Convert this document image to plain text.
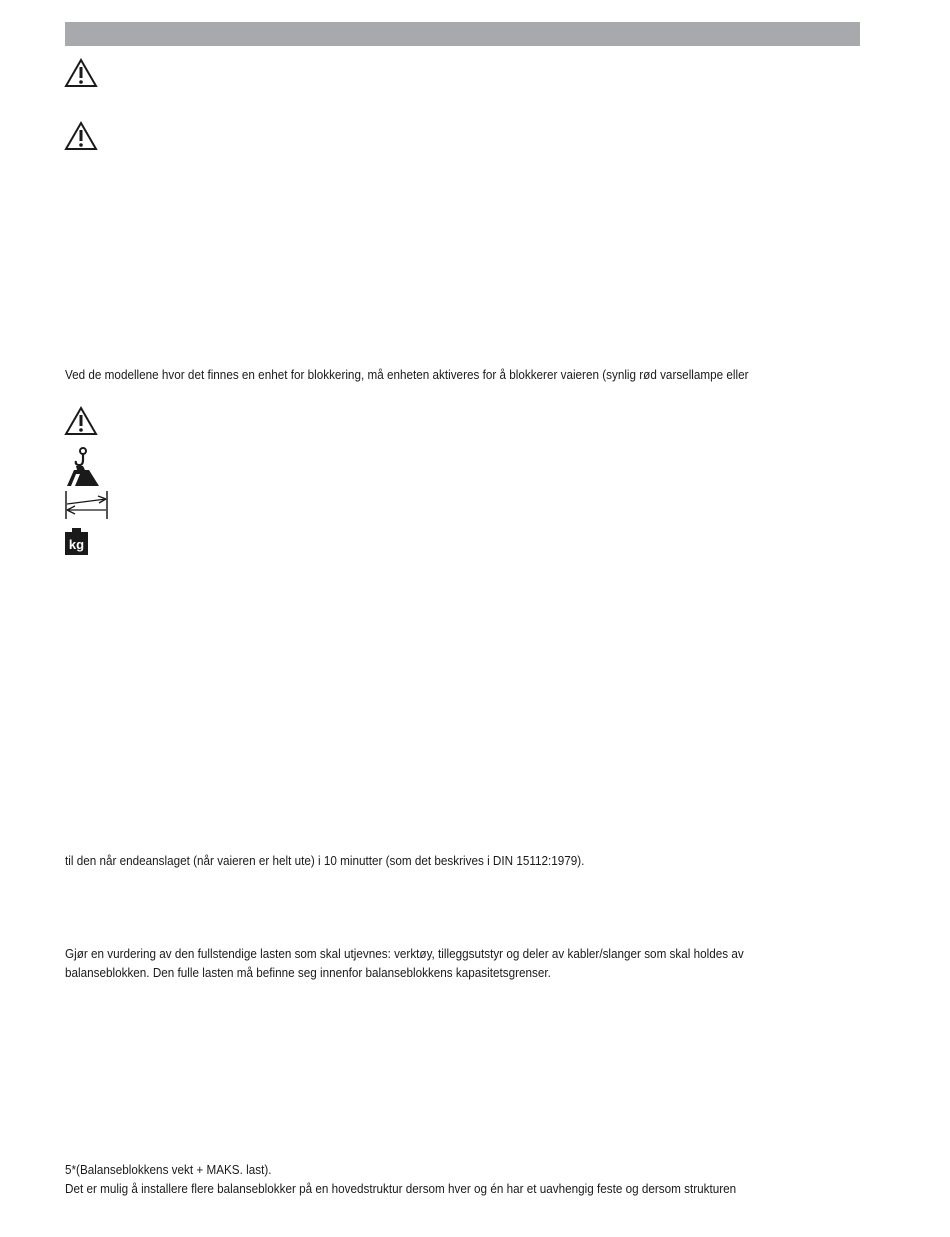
Ved de modellene hvor det finnes en enhet for blokkering, må enheten aktiveres for å blokkerer vaieren (synlig rød varsellampe eller

kg

til den når endeanslaget (når vaieren er helt ute) i 10 minutter (som det beskrives i DIN 15112:1979).

Gjør en vurdering av den fullstendige lasten som skal utjevnes: verktøy, tilleggsutstyr og deler av kabler/slanger som skal holdes av

balanseblokken. Den fulle lasten må befinne seg innenfor balanseblokkens kapasitetsgrenser.

5*(Balanseblokkens vekt + MAKS. last).

Det er mulig å installere flere balanseblokker på en hovedstruktur dersom hver og én har et uavhengig feste og dersom strukturen
